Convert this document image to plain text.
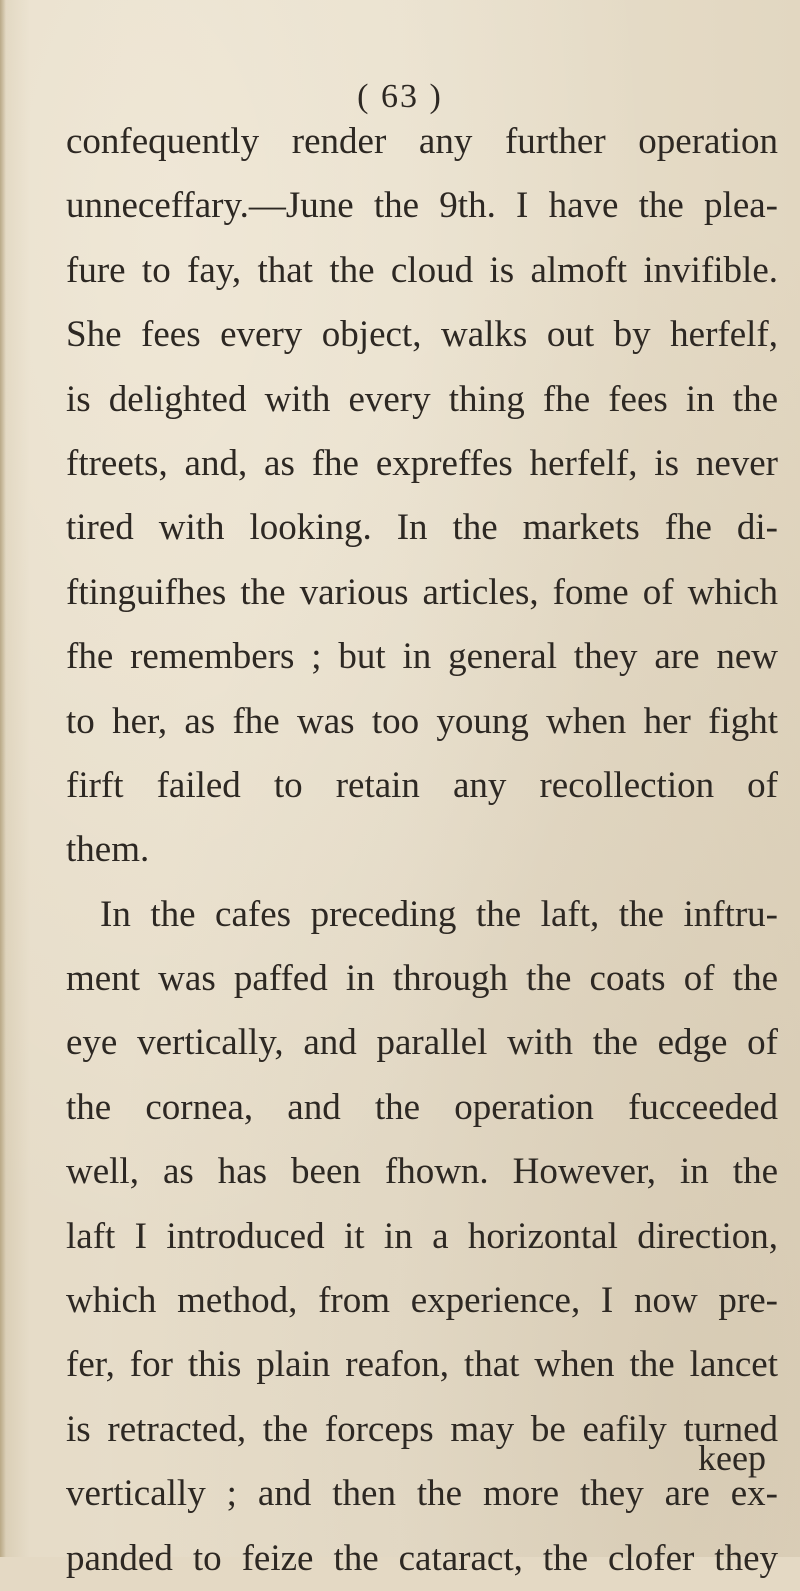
( 63 )
confequently render any further operation
unneceffary.—June the 9th. I have the plea-
fure to fay, that the cloud is almoft invifible.
She fees every object, walks out by herfelf,
is delighted with every thing fhe fees in the
ftreets, and, as fhe expreffes herfelf, is never
tired with looking. In the markets fhe di-
ftinguifhes the various articles, fome of which
fhe remembers ; but in general they are new
to her, as fhe was too young when her fight
firft failed to retain any recollection of
them.
In the cafes preceding the laft, the inftru-
ment was paffed in through the coats of the
eye vertically, and parallel with the edge of
the cornea, and the operation fucceeded
well, as has been fhown. However, in the
laft I introduced it in a horizontal direction,
which method, from experience, I now pre-
fer, for this plain reafon, that when the lancet
is retracted, the forceps may be eafily turned
vertically ; and then the more they are ex-
panded to feize the cataract, the clofer they
keep
